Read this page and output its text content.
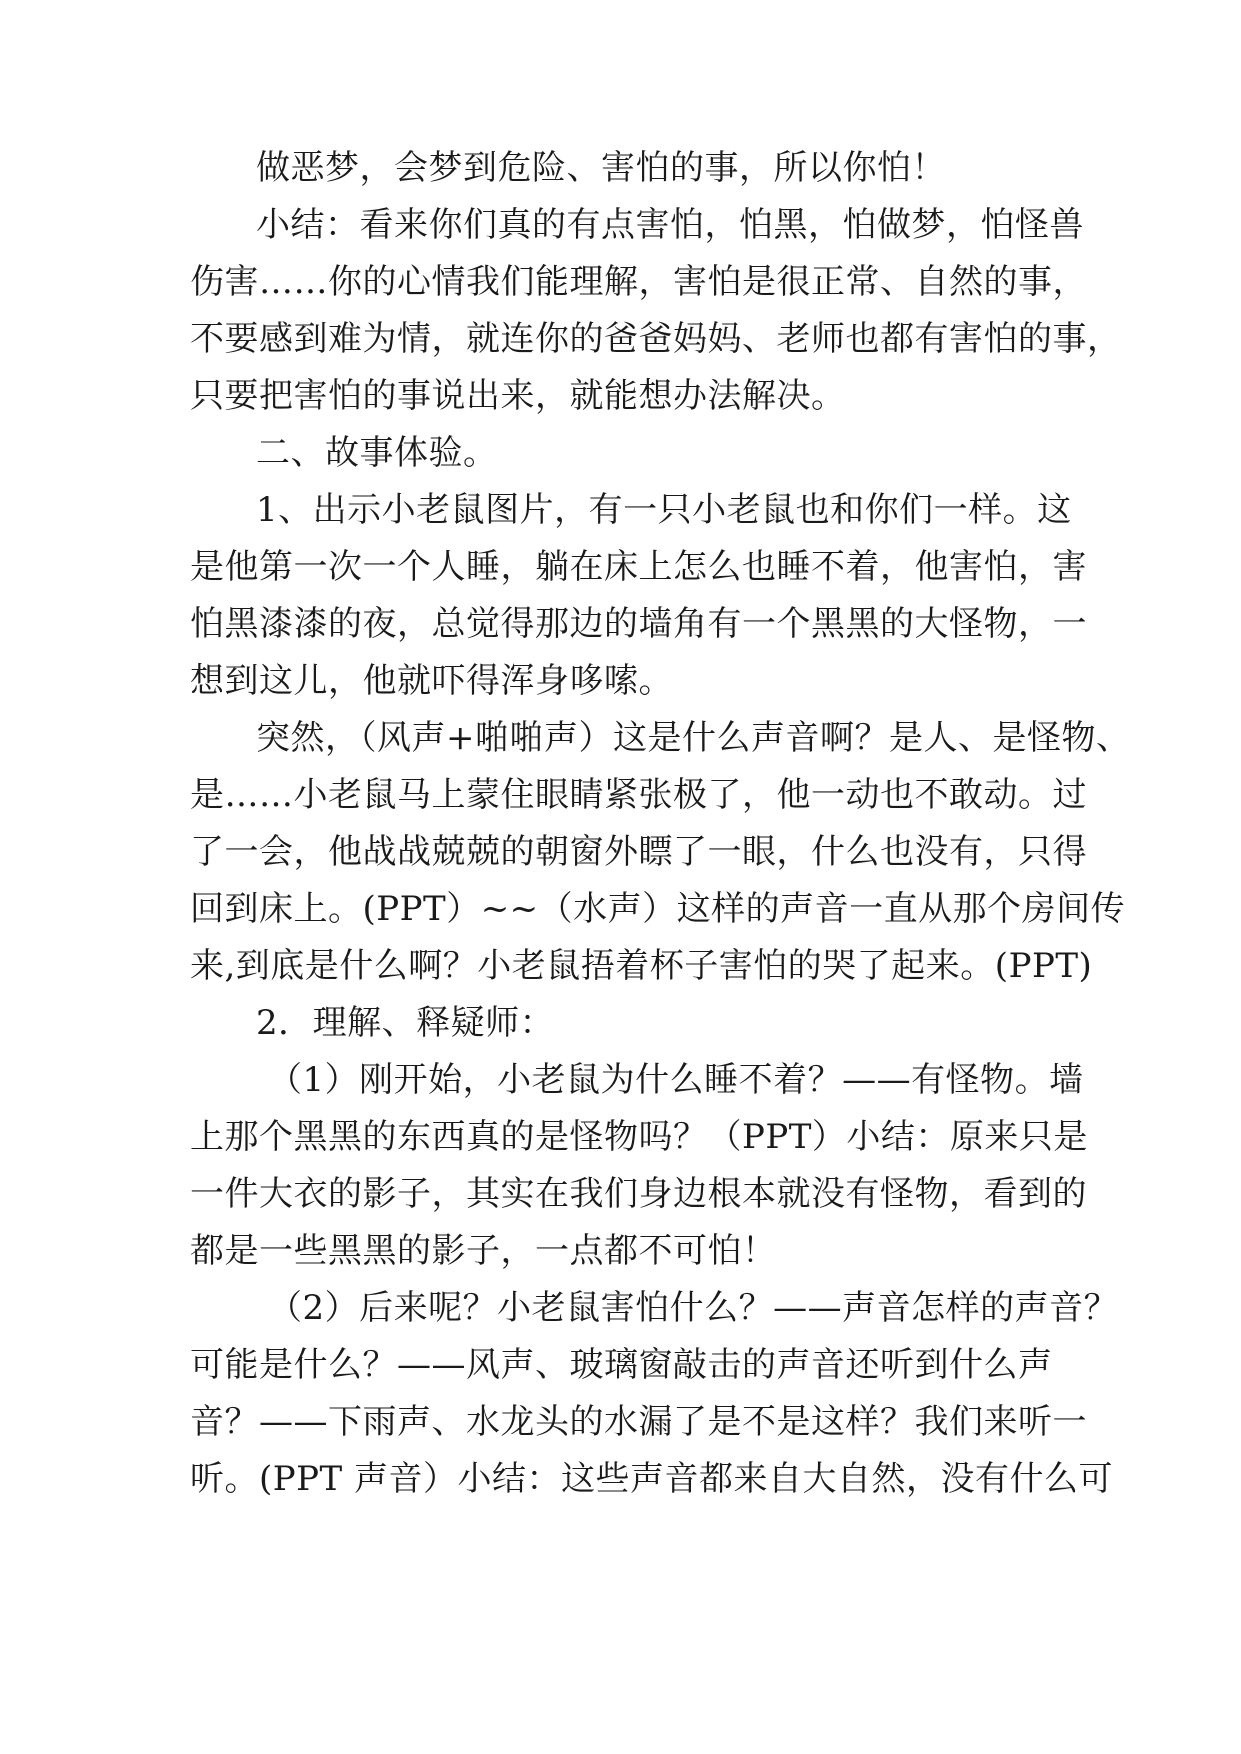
做恶梦，会梦到危险、害怕的事，所以你怕！

小结：看来你们真的有点害怕，怕黑，怕做梦，怕怪兽

伤害……你的心情我们能理解，害怕是很正常、自然的事，

不要感到难为情，就连你的爸爸妈妈、老师也都有害怕的事，

只要把害怕的事说出来，就能想办法解决。

二、故事体验。

1、出示小老鼠图片，有一只小老鼠也和你们一样。这

是他第一次一个人睡，躺在床上怎么也睡不着，他害怕，害

怕黑漆漆的夜，总觉得那边的墙角有一个黑黑的大怪物，一

想到这儿，他就吓得浑身哆嗦。

突然，（风声+啪啪声）这是什么声音啊？是人、是怪物、

是……小老鼠马上蒙住眼睛紧张极了，他一动也不敢动。过

了一会，他战战兢兢的朝窗外瞟了一眼，什么也没有，只得

回到床上。(PPT）~~（水声）这样的声音一直从那个房间传

来,到底是什么啊？小老鼠捂着杯子害怕的哭了起来。(PPT)

2．理解、释疑师：

（1）刚开始，小老鼠为什么睡不着？——有怪物。墙

上那个黑黑的东西真的是怪物吗？（PPT）小结：原来只是

一件大衣的影子，其实在我们身边根本就没有怪物，看到的

都是一些黑黑的影子，一点都不可怕！

（2）后来呢？小老鼠害怕什么？——声音怎样的声音？

可能是什么？——风声、玻璃窗敲击的声音还听到什么声

音？——下雨声、水龙头的水漏了是不是这样？我们来听一

听。(PPT 声音）小结：这些声音都来自大自然，没有什么可
